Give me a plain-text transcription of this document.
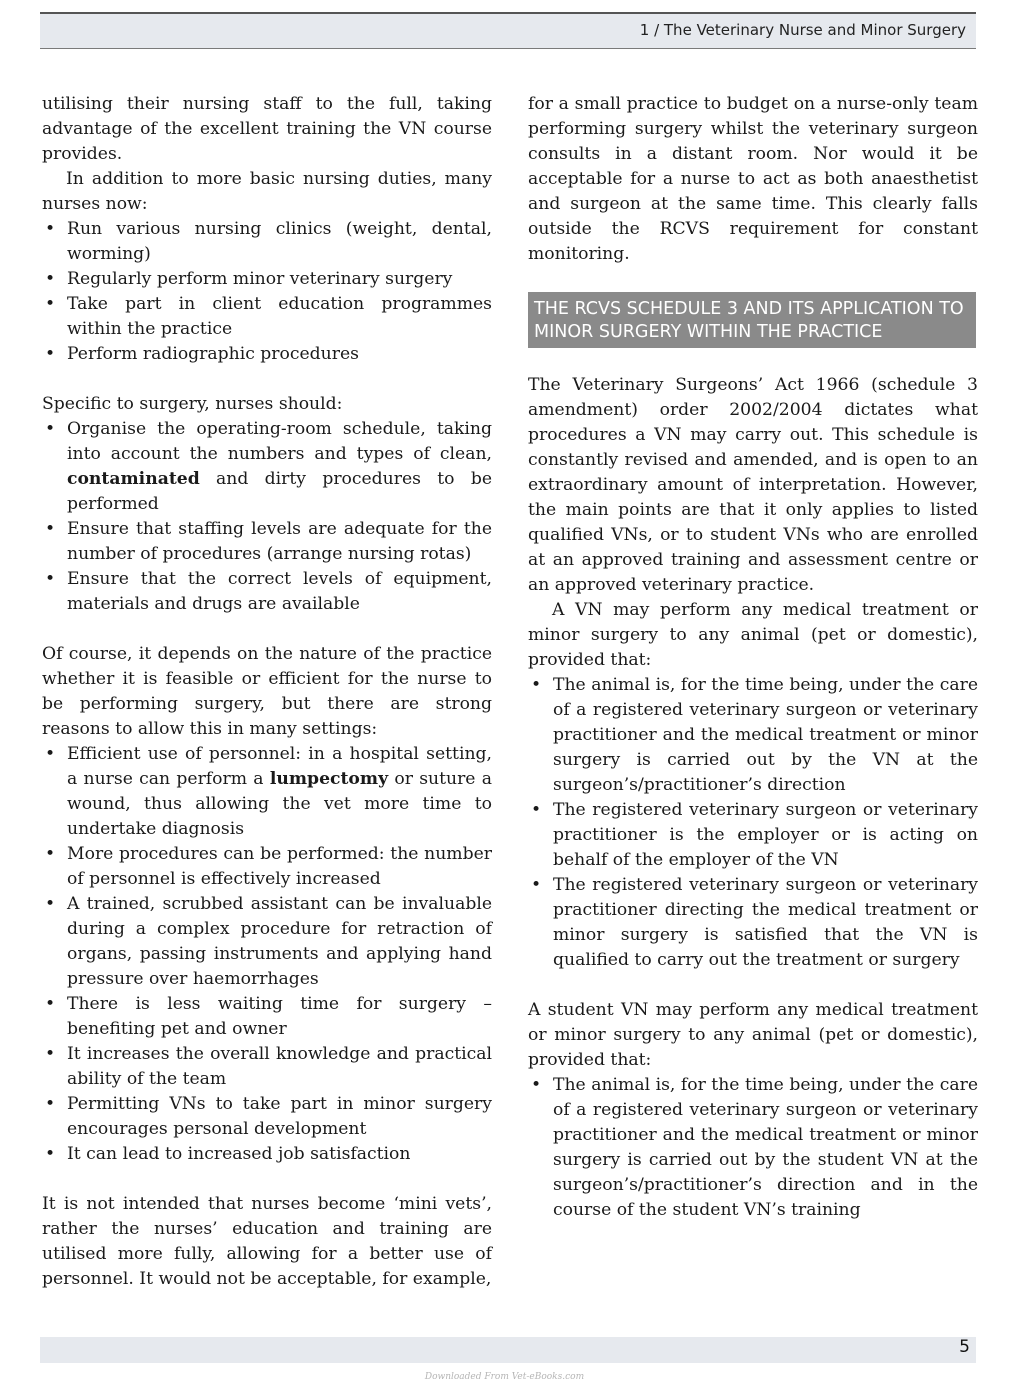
1 / The Veterinary Nurse and Minor Surgery

utilising their nursing staff to the full, taking advantage of the excellent training the VN course provides.

In addition to more basic nursing duties, many nurses now:

• Run various nursing clinics (weight, dental, worming)
• Regularly perform minor veterinary surgery
• Take part in client education programmes within the practice
• Perform radiographic procedures

Specific to surgery, nurses should:

• Organise the operating-room schedule, taking into account the numbers and types of clean, contaminated and dirty procedures to be performed
• Ensure that staffing levels are adequate for the number of procedures (arrange nursing rotas)
• Ensure that the correct levels of equipment, materials and drugs are available

Of course, it depends on the nature of the practice whether it is feasible or efficient for the nurse to be performing surgery, but there are strong reasons to allow this in many settings:

• Efficient use of personnel: in a hospital setting, a nurse can perform a lumpectomy or suture a wound, thus allowing the vet more time to undertake diagnosis
• More procedures can be performed: the number of personnel is effectively increased
• A trained, scrubbed assistant can be invaluable during a complex procedure for retraction of organs, passing instruments and applying hand pressure over haemorrhages
• There is less waiting time for surgery – benefiting pet and owner
• It increases the overall knowledge and practical ability of the team
• Permitting VNs to take part in minor surgery encourages personal development
• It can lead to increased job satisfaction

It is not intended that nurses become ‘mini vets’, rather the nurses’ education and training are utilised more fully, allowing for a better use of personnel. It would not be acceptable, for example,

for a small practice to budget on a nurse-only team performing surgery whilst the veterinary surgeon consults in a distant room. Nor would it be acceptable for a nurse to act as both anaesthetist and surgeon at the same time. This clearly falls outside the RCVS requirement for constant monitoring.

THE RCVS SCHEDULE 3 AND ITS APPLICATION TO MINOR SURGERY WITHIN THE PRACTICE

The Veterinary Surgeons’ Act 1966 (schedule 3 amendment) order 2002/2004 dictates what procedures a VN may carry out. This schedule is constantly revised and amended, and is open to an extraordinary amount of interpretation. However, the main points are that it only applies to listed qualified VNs, or to student VNs who are enrolled at an approved training and assessment centre or an approved veterinary practice.

A VN may perform any medical treatment or minor surgery to any animal (pet or domestic), provided that:

• The animal is, for the time being, under the care of a registered veterinary surgeon or veterinary practitioner and the medical treatment or minor surgery is carried out by the VN at the surgeon’s/practitioner’s direction
• The registered veterinary surgeon or veterinary practitioner is the employer or is acting on behalf of the employer of the VN
• The registered veterinary surgeon or veterinary practitioner directing the medical treatment or minor surgery is satisfied that the VN is qualified to carry out the treatment or surgery

A student VN may perform any medical treatment or minor surgery to any animal (pet or domestic), provided that:

• The animal is, for the time being, under the care of a registered veterinary surgeon or veterinary practitioner and the medical treatment or minor surgery is carried out by the student VN at the surgeon’s/practitioner’s direction and in the course of the student VN’s training
5
Downloaded From Vet-eBooks.com
